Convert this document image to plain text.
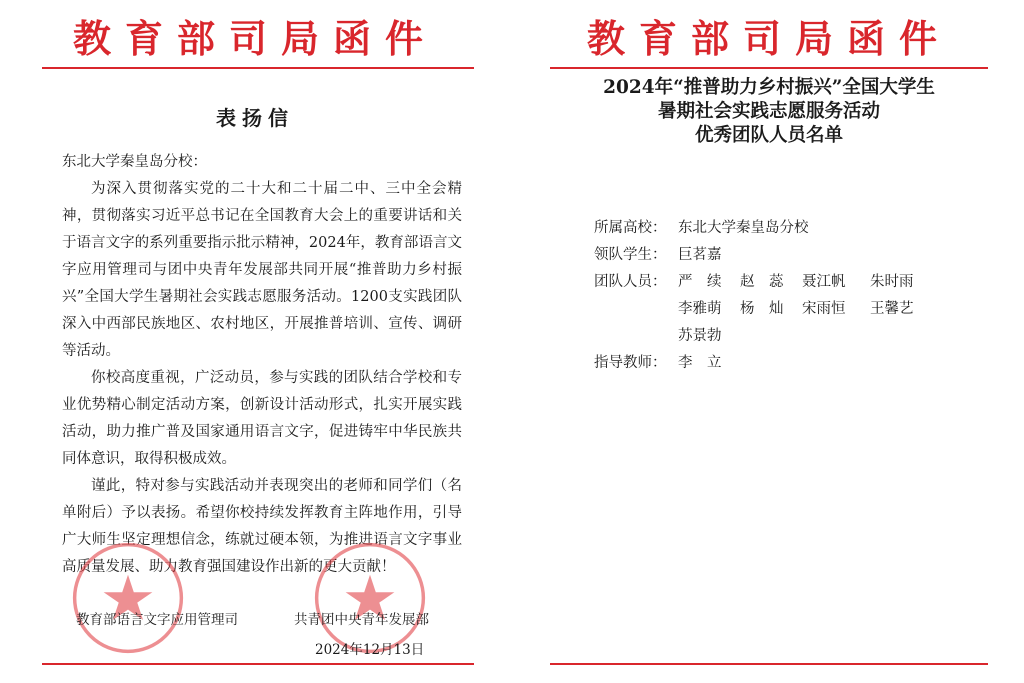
教育部司局函件
表扬信
东北大学秦皇岛分校：

为深入贯彻落实党的二十大和二十届二中、三中全会精神，贯彻落实习近平总书记在全国教育大会上的重要讲话和关于语言文字的系列重要指示批示精神，2024年，教育部语言文字应用管理司与团中央青年发展部共同开展“推普助力乡村振兴”全国大学生暑期社会实践志愿服务活动。1200支实践团队深入中西部民族地区、农村地区，开展推普培训、宣传、调研等活动。

你校高度重视，广泛动员，参与实践的团队结合学校和专业优势精心制定活动方案，创新设计活动形式，扎实开展实践活动，助力推广普及国家通用语言文字，促进铸牢中华民族共同体意识，取得积极成效。

谨此，特对参与实践活动并表现突出的老师和同学们（名单附后）予以表扬。希望你校持续发挥教育主阵地作用，引导广大师生坚定理想信念，练就过硬本领，为推进语言文字事业高质量发展、助力教育强国建设作出新的更大贡献！

教育部语言文字应用管理司	共青团中央青年发展部
2024年12月13日
教育部司局函件
2024年“推普助力乡村振兴”全国大学生
暑期社会实践志愿服务活动
优秀团队人员名单
所属高校： 东北大学秦皇岛分校
领队学生： 巨茗嘉
团队人员： 严　续	赵　蕊	聂江帆	朱时雨
李雅萌	杨　灿	宋雨恒	王馨艺
苏景勃
指导教师： 李　立
